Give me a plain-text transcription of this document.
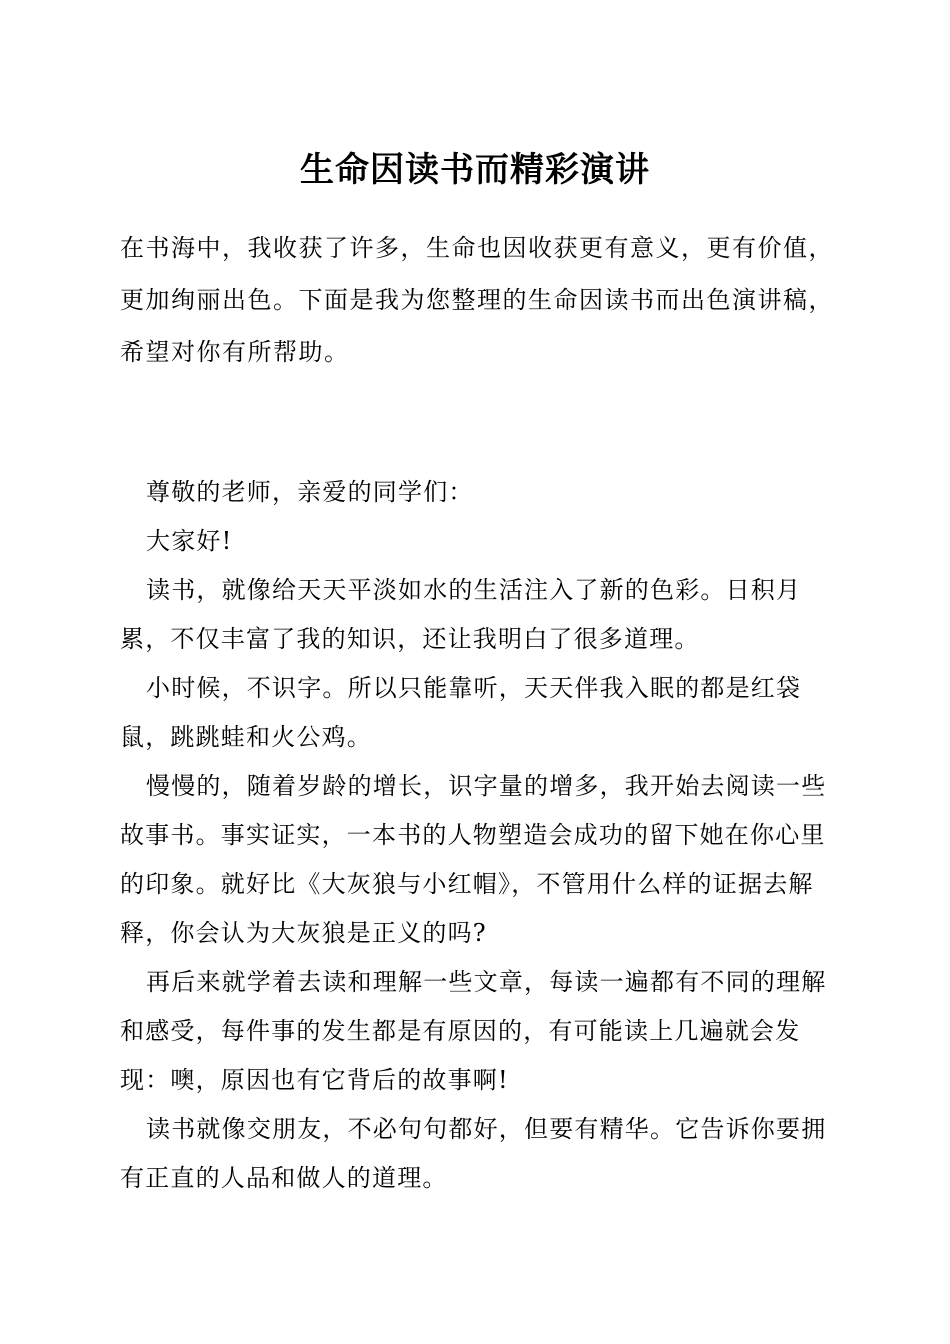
生命因读书而精彩演讲

在书海中，我收获了许多，生命也因收获更有意义，更有价值，更加绚丽出色。下面是我为您整理的生命因读书而出色演讲稿，希望对你有所帮助。

尊敬的老师，亲爱的同学们：

大家好!

读书，就像给天天平淡如水的生活注入了新的色彩。日积月累，不仅丰富了我的知识，还让我明白了很多道理。

小时候，不识字。所以只能靠听，天天伴我入眠的都是红袋鼠，跳跳蛙和火公鸡。

慢慢的，随着岁龄的增长，识字量的增多，我开始去阅读一些故事书。事实证实，一本书的人物塑造会成功的留下她在你心里的印象。就好比《大灰狼与小红帽》，不管用什么样的证据去解释，你会认为大灰狼是正义的吗?

再后来就学着去读和理解一些文章，每读一遍都有不同的理解和感受，每件事的发生都是有原因的，有可能读上几遍就会发现：噢，原因也有它背后的故事啊!

读书就像交朋友，不必句句都好，但要有精华。它告诉你要拥有正直的人品和做人的道理。
